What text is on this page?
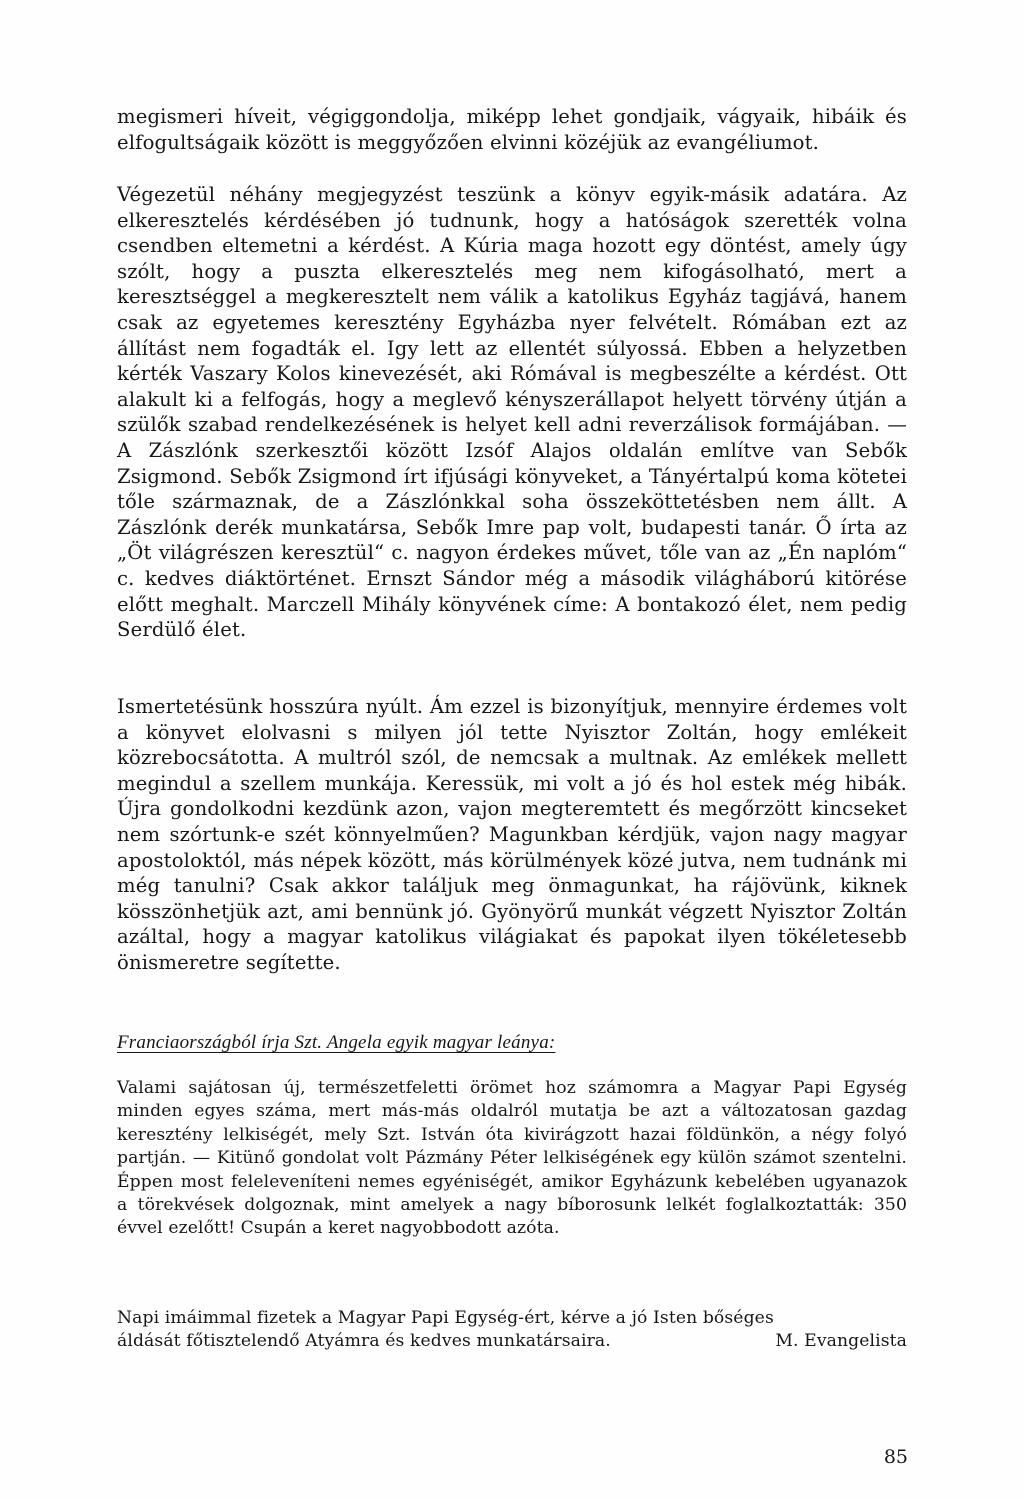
megismeri híveit, végiggondolja, miképp lehet gondjaik, vágyaik, hibáik és elfogultságaik között is meggyőzően elvinni közéjük az evangéliumot.

Végezetül néhány megjegyzést teszünk a könyv egyik-másik adatára. Az elkeresztelés kérdésében jó tudnunk, hogy a hatóságok szerették volna csendben eltemetni a kérdést. A Kúria maga hozott egy döntést, amely úgy szólt, hogy a puszta elkeresztelés meg nem kifogásolható, mert a keresztséggel a megkeresztelt nem válik a katolikus Egyház tagjává, hanem csak az egyetemes keresztény Egyházba nyer felvételt. Rómában ezt az állítást nem fogadták el. Igy lett az ellentét súlyossá. Ebben a helyzetben kérték Vaszary Kolos kinevezését, aki Rómával is megbeszélte a kérdést. Ott alakult ki a felfogás, hogy a meglevő kényszerállapot helyett törvény útján a szülők szabad rendelkezésének is helyet kell adni reverzálisok formájában. — A Zászlónk szerkesztői között Izsóf Alajos oldalán említve van Sebők Zsigmond. Sebők Zsigmond írt ifjúsági könyveket, a Tányértalpú koma kötetei tőle származnak, de a Zászlónkkal soha összeköttetésben nem állt. A Zászlónk derék munkatársa, Sebők Imre pap volt, budapesti tanár. Ő írta az „Öt világrészen keresztül“ c. nagyon érdekes művet, tőle van az „Én naplóm“ c. kedves diáktörténet. Ernszt Sándor még a második világháború kitörése előtt meghalt. Marczell Mihály könyvének címe: A bontakozó élet, nem pedig Serdülő élet.

Ismertetésünk hosszúra nyúlt. Ám ezzel is bizonyítjuk, mennyire érdemes volt a könyvet elolvasni s milyen jól tette Nyisztor Zoltán, hogy emlékeit közrebocsátotta. A multról szól, de nemcsak a multnak. Az emlékek mellett megindul a szellem munkája. Keressük, mi volt a jó és hol estek még hibák. Újra gondolkodni kezdünk azon, vajon megteremtett és megőrzött kincseket nem szórtunk-e szét könnyelműen? Magunkban kérdjük, vajon nagy magyar apostoloktól, más népek között, más körülmények közé jutva, nem tudnánk mi még tanulni? Csak akkor találjuk meg önmagunkat, ha rájövünk, kiknek kösszönhetjük azt, ami bennünk jó. Gyönyörű munkát végzett Nyisztor Zoltán azáltal, hogy a magyar katolikus világiakat és papokat ilyen tökéletesebb önismeretre segítette.

Franciaországból írja Szt. Angela egyik magyar leánya:

Valami sajátosan új, természetfeletti örömet hoz számomra a Magyar Papi Egység minden egyes száma, mert más-más oldalról mutatja be azt a változatosan gazdag keresztény lelkiségét, mely Szt. István óta kivirágzott hazai földünkön, a négy folyó partján. — Kitünő gondolat volt Pázmány Péter lelkiségének egy külön számot szentelni. Éppen most feleleveníteni nemes egyéniségét, amikor Egyházunk kebelében ugyanazok a törekvések dolgoznak, mint amelyek a nagy bíborosunk lelkét foglalkoztatták: 350 évvel ezelőtt! Csupán a keret nagyobbodott azóta.

Napi imáimmal fizetek a Magyar Papi Egység-ért, kérve a jó Isten bőséges
áldását főtisztelendő Atyámra és kedves munkatársaira.	M. Evangelista

85
